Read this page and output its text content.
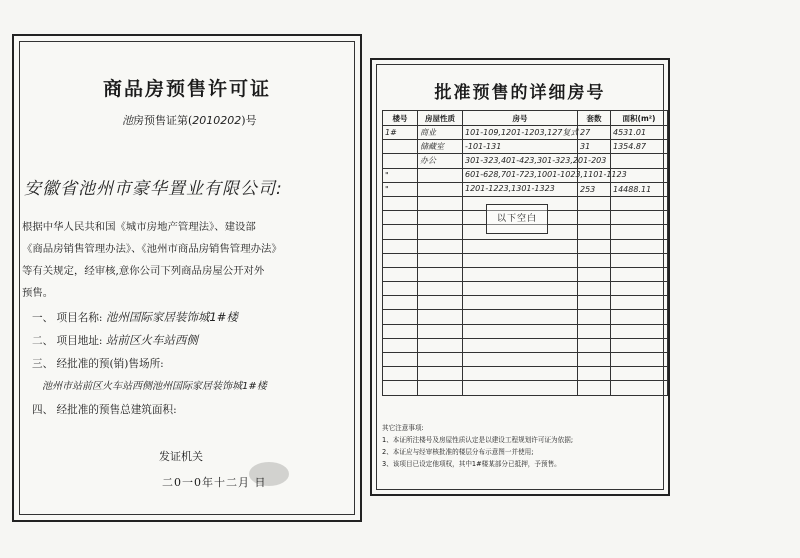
商品房预售许可证
池房预售证第(2010202)号
安徽省池州市豪华置业有限公司:

根据中华人民共和国《城市房地产管理法》、建设部

《商品房销售管理办法》、《池州市商品房销售管理办法》

等有关规定，经审核,意你公司下列商品房屋公开对外

预售。

一、 项目名称: 池州国际家居装饰城1#楼
二、 项目地址: 站前区火车站西侧
三、 经批准的预(销)售场所:
池州市站前区火车站西侧池州国际家居装饰城1#楼
四、 经批准的预售总建筑面积:
发证机关
二0一0年十二月 日
批准预售的详细房号
楼号	房屋性质	房号	套数	面积(m²)
1#	商业	101-109,1201-1203,127复式	27	4531.01
	储藏室	-101-131	31	1354.87
	办公	301-323,401-423,301-323,201-203		
"		601-628,701-723,1001-1023,1101-1123		
"		1201-1223,1301-1323	253	14488.11

以下空白

其它注意事项:

1、本证所注楼号及房屋性质认定是以建设工程规划许可证为依据;

2、本证应与经审核批准的楼层分布示意图一并使用;

3、该项目已设定他项权，其中1#楼某部分已抵押，予预售。
